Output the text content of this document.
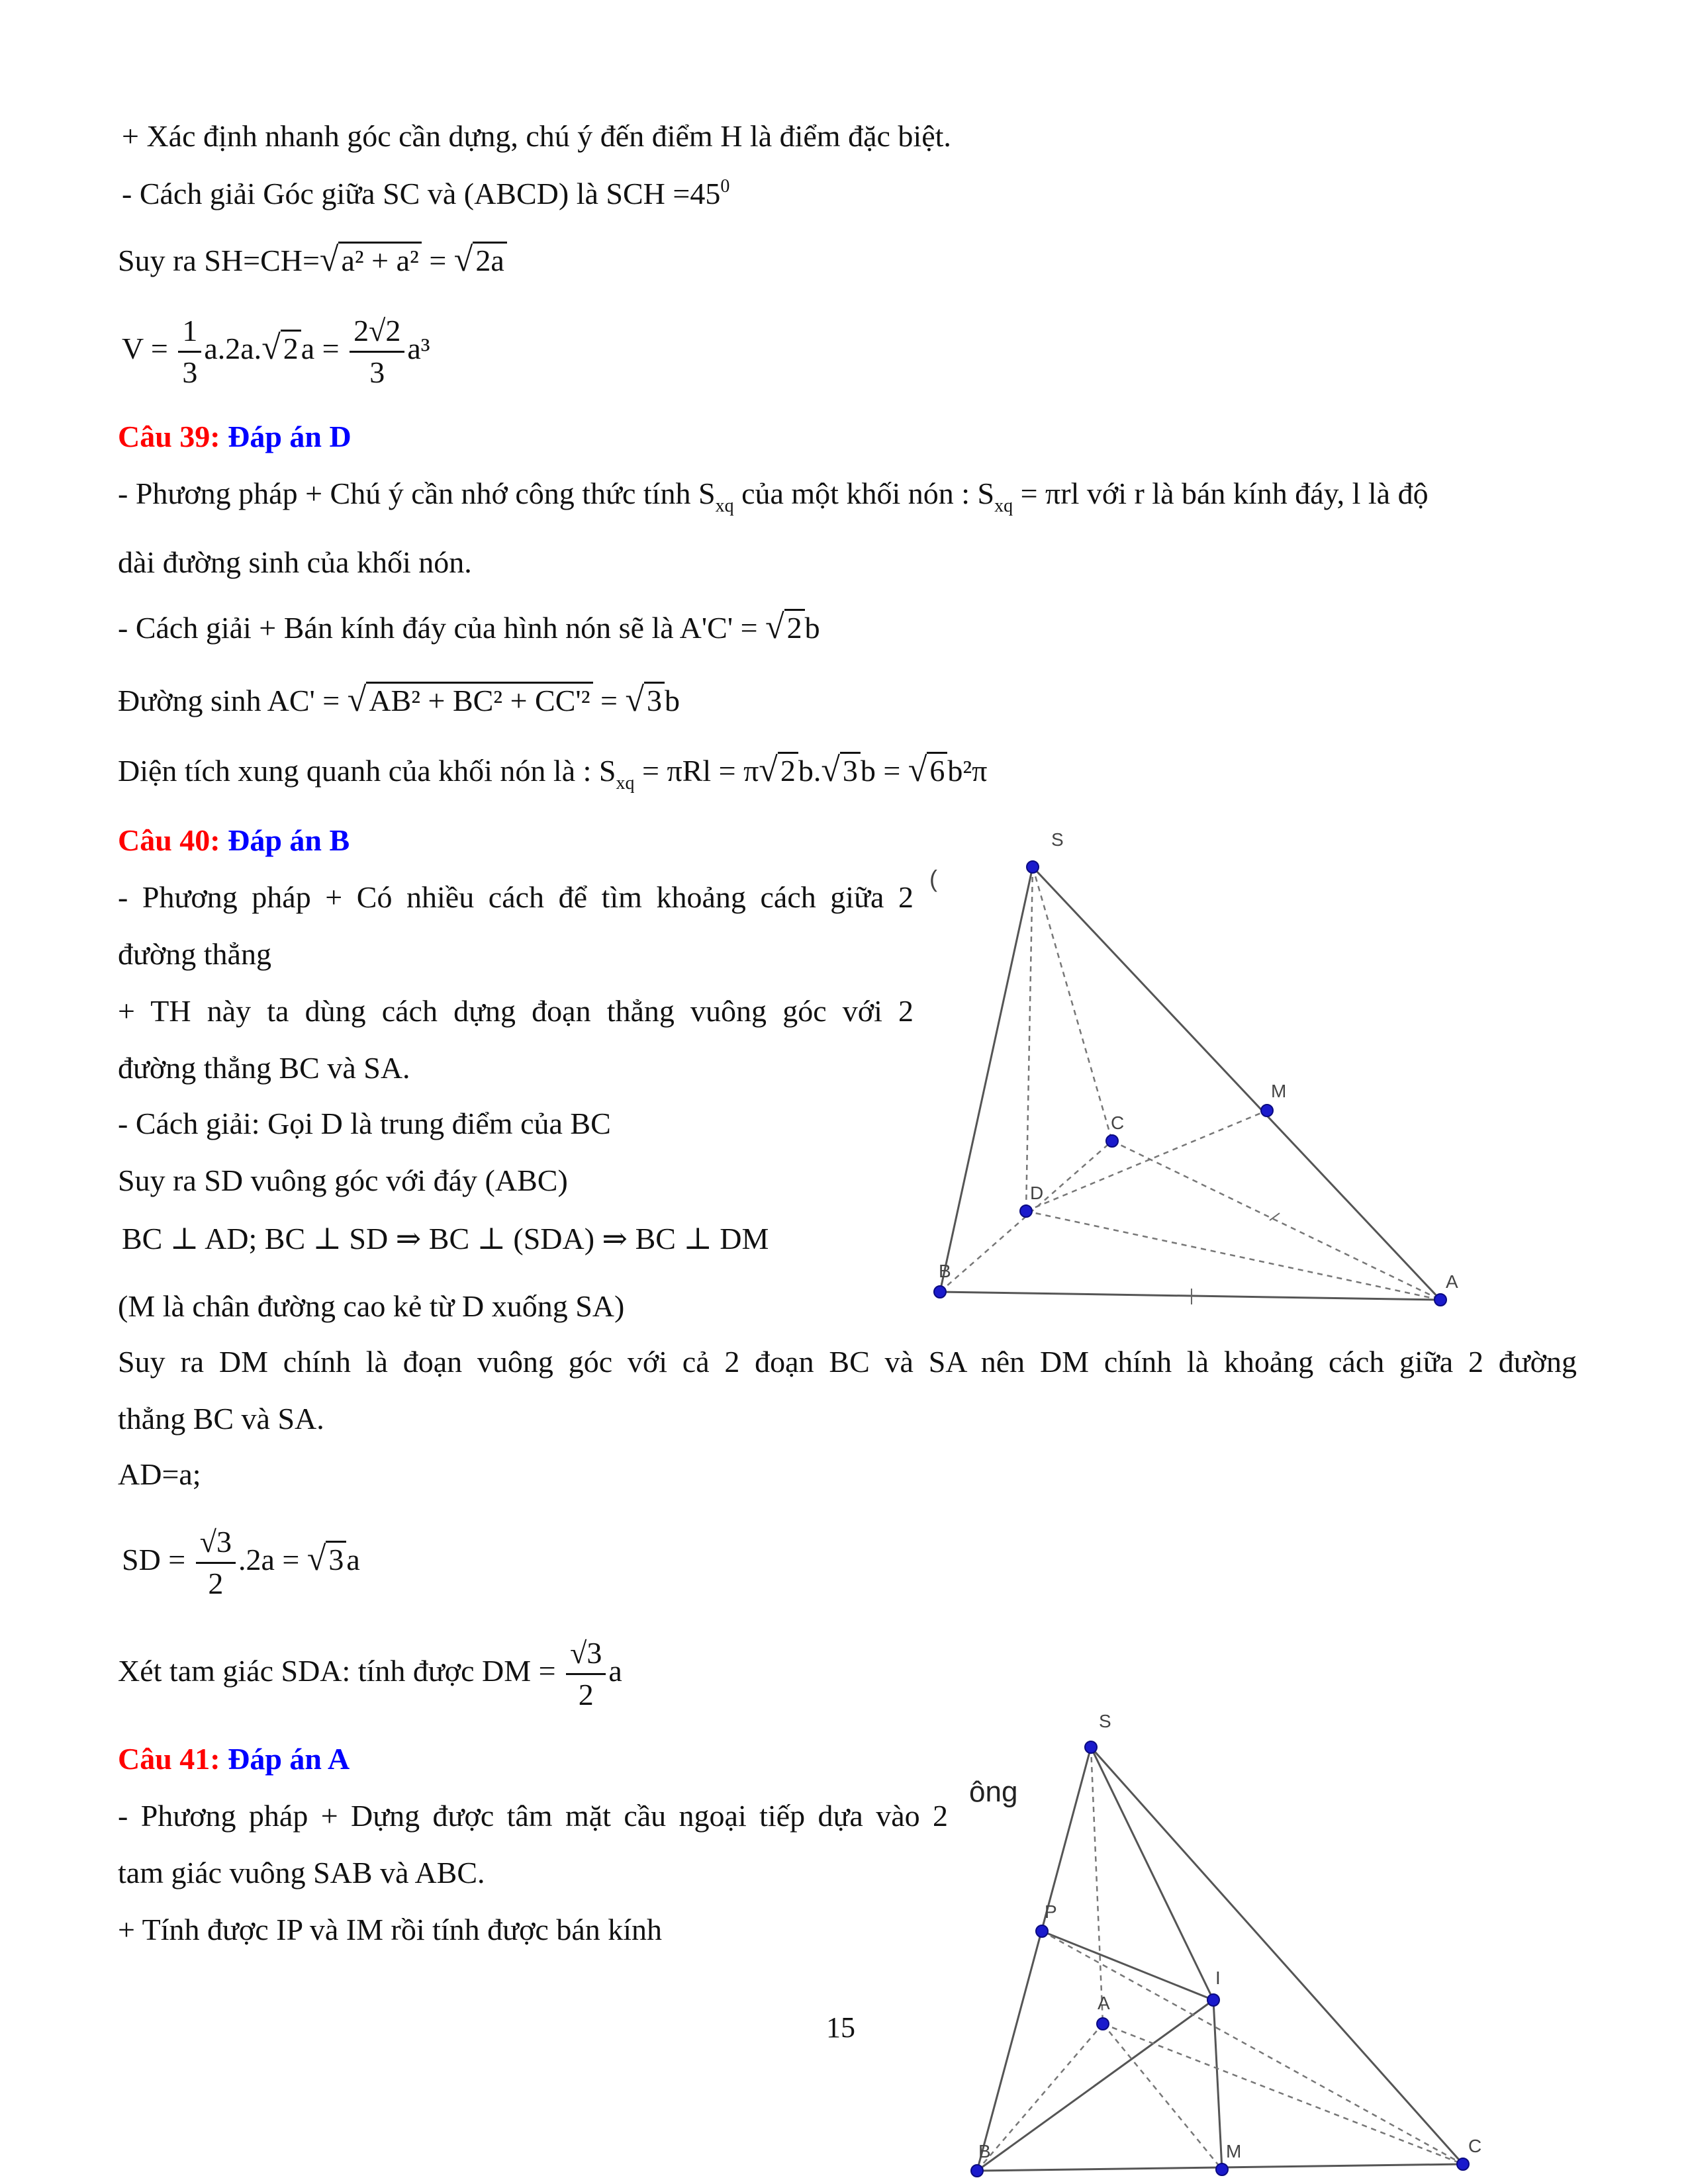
+ Xác định nhanh góc cần dựng, chú ý đến điểm H là điểm đặc biệt.
- Cách giải Góc giữa SC và (ABCD) là SCH $=45^0$
Suy ra SH=CH=√a² + a² = √2a
$V = \frac{1}{3} a.2a.√2a = \frac{2√2}{3} a^3$
Câu 39: Đáp án D
- Phương pháp + Chú ý cần nhớ công thức tính $S_{xq}$ của một khối nón : $S_{xq} = \pi rl$ với r là bán kính đáy, l là độ
dài đường sinh của khối nón.
- Cách giải + Bán kính đáy của hình nón sẽ là A'C' = √2b
Đường sinh AC' = √AB² + BC² + CC'² = √3b
Diện tích xung quanh của khối nón là : $S_{xq} = \pi Rl = \pi√2b.√3b = √6b^2\pi$
Câu 40: Đáp án B
- Phương pháp + Có nhiều cách để tìm khoảng cách giữa 2
đường thẳng
+ TH này ta dùng cách dựng đoạn thẳng vuông góc với 2
đường thẳng BC và SA.
- Cách giải: Gọi D là trung điểm của BC
Suy ra SD vuông góc với đáy (ABC)
BC ⊥ AD; BC ⊥ SD ⇒ BC ⊥ (SDA) ⇒ BC ⊥ DM
(M là chân đường cao kẻ từ D xuống SA)
Suy ra DM chính là đoạn vuông góc với cả 2 đoạn BC và SA nên DM chính là khoảng cách giữa 2 đường
thẳng BC và SA.
AD=a;
SD = $\frac{√3}{2} .2a = √3a$
Xét tam giác SDA: tính được DM = $\frac{√3}{2}$ a
S
M
C
D
B
A
(
Câu 41: Đáp án A
- Phương pháp + Dựng được tâm mặt cầu ngoại tiếp dựa vào 2
tam giác vuông SAB và ABC.
+ Tính được IP và IM rồi tính được bán kính
15
S
P
I
A
B	M	C
ông
